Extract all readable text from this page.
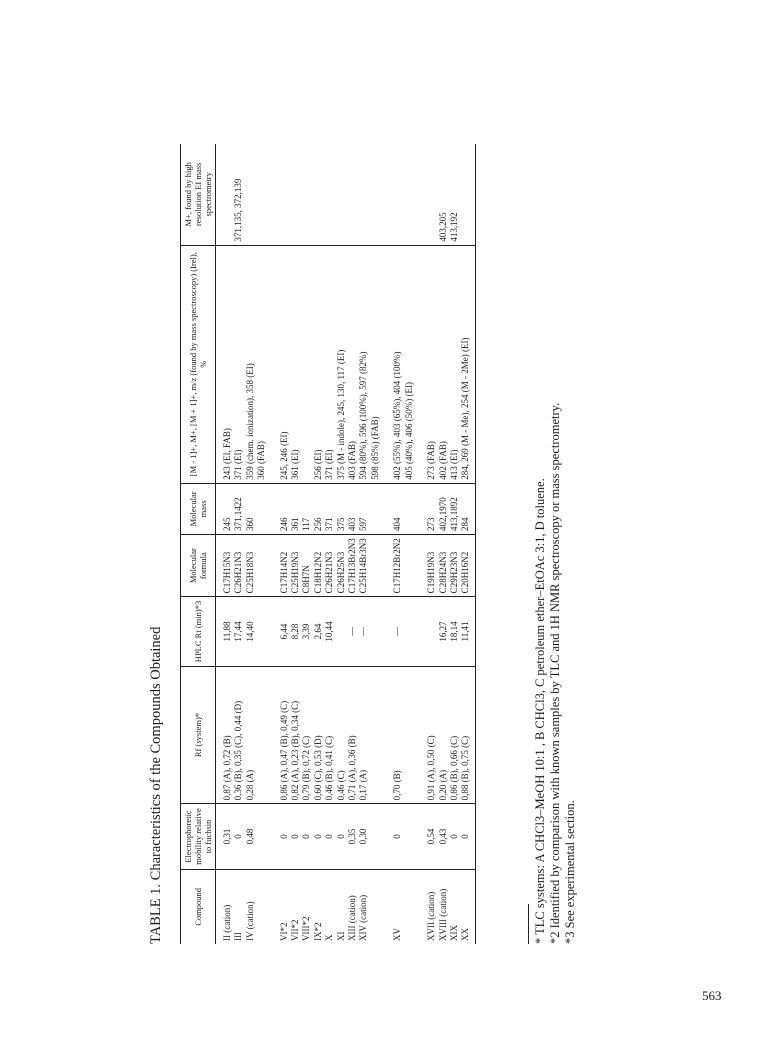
TABLE 1. Characteristics of the Compounds Obtained	Compound	Electrophoretic mobility relative to fuchsin	Rf (system)*	HPLC Rt (min)*3	Molecular formula	Molecular mass	[M - 1]+, M+, [M + 1]+, m/z (found by mass spectroscopy) (Irel), %	M+, found by high resolution EI mass spectrometry
II (cation)	0,31	0,87 (A), 0,72 (B)	11,88	C17H15N3	245	243 (EI, FAB)	
III	0	0,36 (B), 0,35 (C), 0,44 (D)	17,44	C26H21N3	371,1422	371 (EI)	371,135, 372,139
IV (cation)	0,48	0,28 (A)	14,40	C25H18N3	360	359 (chem. ionization), 358 (EI)	
						360 (FAB)	

VI*2	0	0,86 (A), 0,47 (B), 0,49 (C)	6,44	C17H14N2	246	245, 246 (EI)	
VII*2	0	0,82 (A), 0,23 (B), 0,34 (C)	8,28	C25H19N3	361	361 (EI)	
VIII*2	0	0,79 (B), 0,72 (C)	3,39	C8H7N	117		
IX*2	0	0,60 (C), 0,53 (D)	2,64	C18H12N2	256	256 (EI)	
X	0	0,46 (B), 0,41 (C)	10,44	C26H21N3	371	371 (EI)	
XI	0	0,46 (C)		C26H25N3	375	375 (M - indole), 245, 130, 117 (EI)	
XIII (cation)	0,35	0,71 (A), 0,36 (B)	—	C17H13Br2N3	403	403 (FAB)	
XIV (cation)	0,30	0,17 (A)	—	C25H14Br3N3	597	594 (80%), 596 (100%), 597 (82%)	
						598 (85%) (FAB)	

XV	0	0,70 (B)	—	C17H12Br2N2	404	402 (55%), 403 (65%), 404 (100%)	
						405 (40%), 406 (50%) (EI)	

XVII (cation)	0,54	0,91 (A), 0,50 (C)		C19H19N3	273	273 (FAB)	
XVIII (cation)	0,43	0,20 (A)	16,27	C28H24N3	402,1970	402 (FAB)	403,205
XIX	0	0,86 (B), 0,66 (C)	18,14	C29H23N3	413,1892	413 (EI)	413,192
XX	0	0,88 (B), 0,75 (C)	11,41	C20H16N2	284	284, 269 (M - Me), 254 (M - 2Me) (EI)	
* TLC systems: A CHCl3–MeOH 10:1 , B CHCl3, C petroleum ether–EtOAc 3:1, D toluene. *2 Identified by comparison with known samples by TLC and 1H NMR spectroscopy or mass spectrometry. *3 See experimental section.
563
